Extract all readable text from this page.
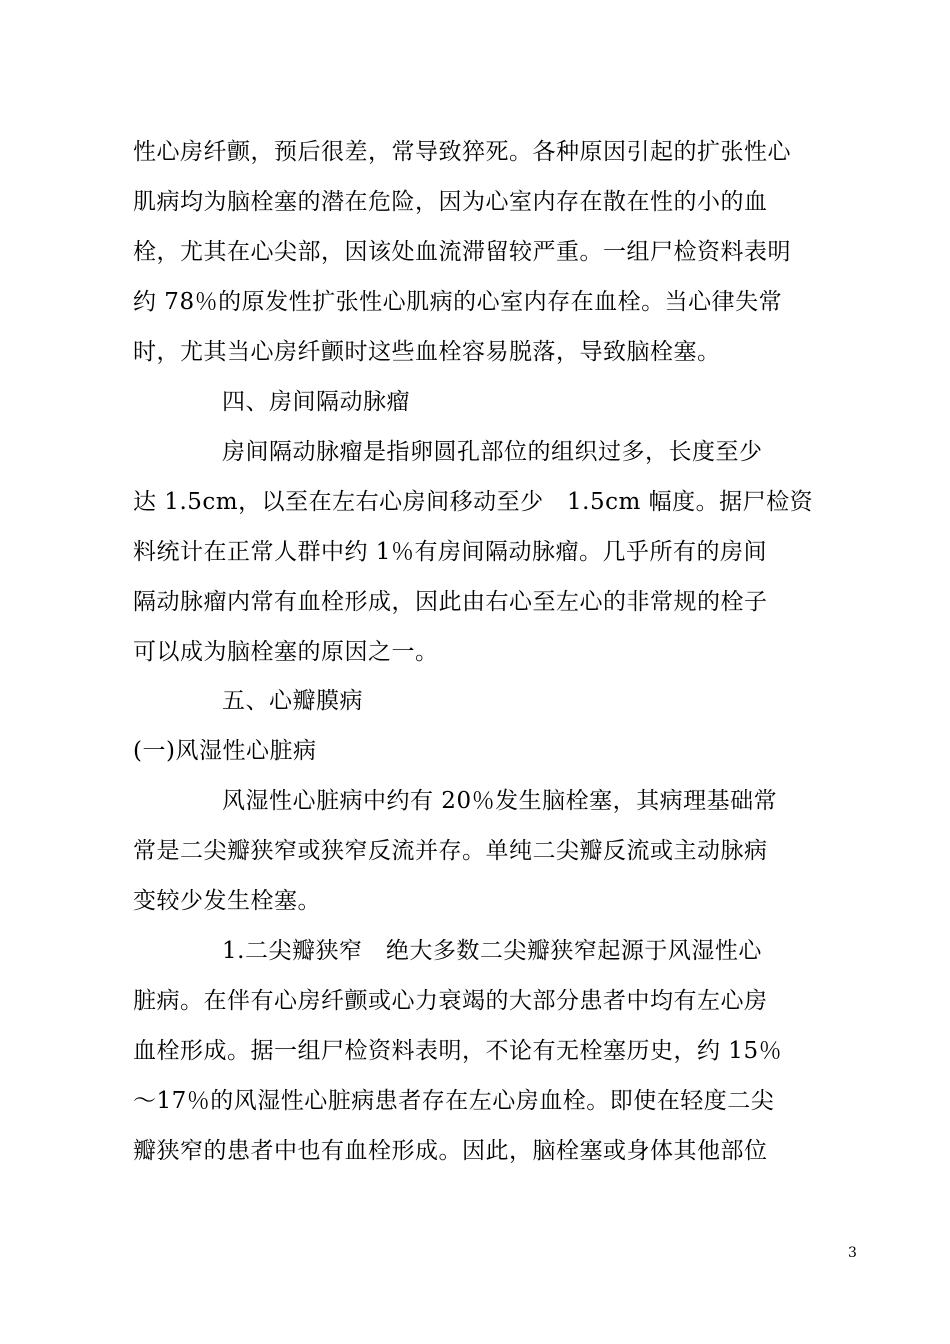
性心房纤颤，预后很差，常导致猝死。各种原因引起的扩张性心
肌病均为脑栓塞的潜在危险，因为心室内存在散在性的小的血
栓，尤其在心尖部，因该处血流滞留较严重。一组尸检资料表明
约 78％的原发性扩张性心肌病的心室内存在血栓。当心律失常
时，尤其当心房纤颤时这些血栓容易脱落，导致脑栓塞。
四、房间隔动脉瘤
房间隔动脉瘤是指卵圆孔部位的组织过多，长度至少
达 1.5cm，以至在左右心房间移动至少   1.5cm 幅度。据尸检资
料统计在正常人群中约 1％有房间隔动脉瘤。几乎所有的房间
隔动脉瘤内常有血栓形成，因此由右心至左心的非常规的栓子
可以成为脑栓塞的原因之一。
五、心瓣膜病
(一)风湿性心脏病
风湿性心脏病中约有 20％发生脑栓塞，其病理基础常
常是二尖瓣狭窄或狭窄反流并存。单纯二尖瓣反流或主动脉病
变较少发生栓塞。
1.二尖瓣狭窄   绝大多数二尖瓣狭窄起源于风湿性心
脏病。在伴有心房纤颤或心力衰竭的大部分患者中均有左心房
血栓形成。据一组尸检资料表明，不论有无栓塞历史，约 15％
～17％的风湿性心脏病患者存在左心房血栓。即使在轻度二尖
瓣狭窄的患者中也有血栓形成。因此，脑栓塞或身体其他部位
3
